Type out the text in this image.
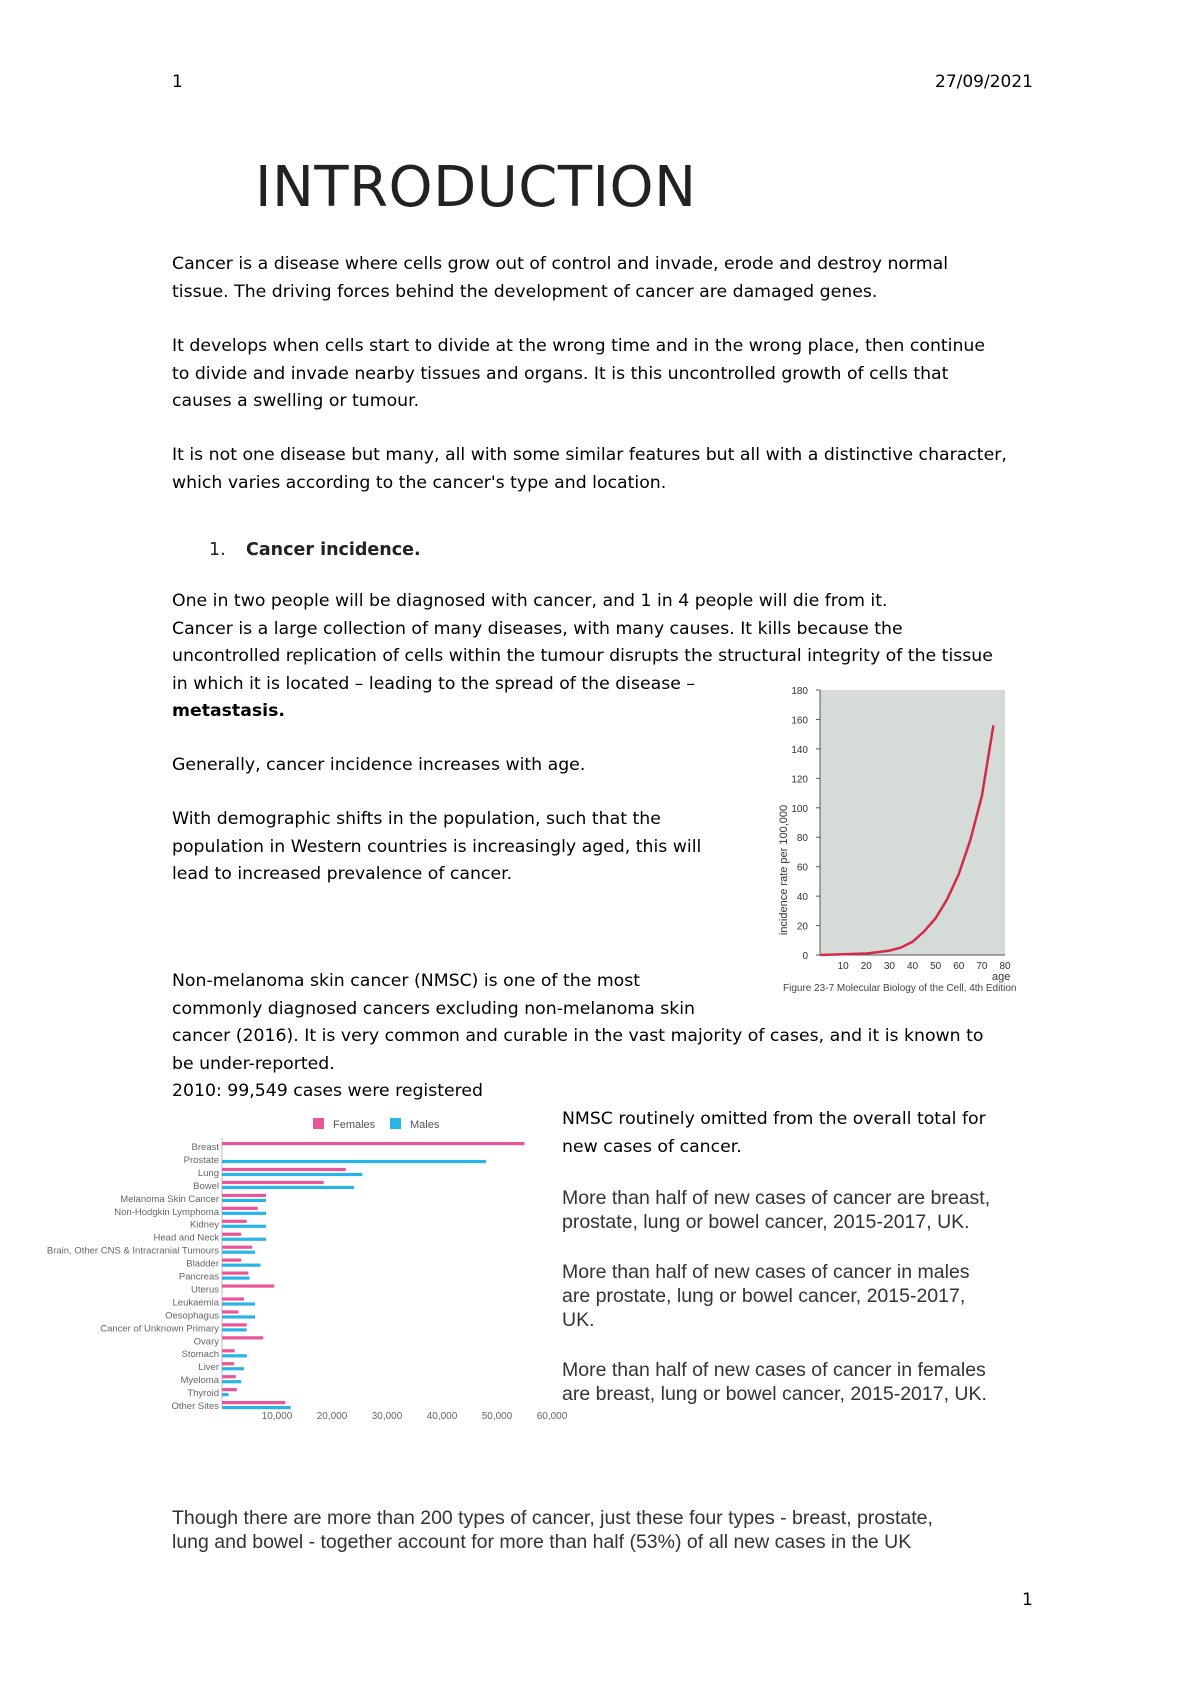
1	27/09/2021
INTRODUCTION
Cancer is a disease where cells grow out of control and invade, erode and destroy normal
tissue. The driving forces behind the development of cancer are damaged genes.
It develops when cells start to divide at the wrong time and in the wrong place, then continue
to divide and invade nearby tissues and organs. It is this uncontrolled growth of cells that
causes a swelling or tumour.
It is not one disease but many, all with some similar features but all with a distinctive character,
which varies according to the cancer's type and location.
1. Cancer incidence.
One in two people will be diagnosed with cancer, and 1 in 4 people will die from it.
Cancer is a large collection of many diseases, with many causes. It kills because the
uncontrolled replication of cells within the tumour disrupts the structural integrity of the tissue
in which it is located – leading to the spread of the disease –
metastasis.
Generally, cancer incidence increases with age.
With demographic shifts in the population, such that the
population in Western countries is increasingly aged, this will
lead to increased prevalence of cancer.
0
20
40
60
80
100
120
140
160
180
10 20 30 40 50 60 70 80
age
incidence rate per 100,000
Figure 23-7 Molecular Biology of the Cell, 4th Edition
Non-melanoma skin cancer (NMSC) is one of the most
commonly diagnosed cancers excluding non-melanoma skin
cancer (2016). It is very common and curable in the vast majority of cases, and it is known to
be under-reported.
2010: 99,549 cases were registered
Females	Males
Breast
Prostate
Lung
Bowel
Melanoma Skin Cancer
Non-Hodgkin Lymphoma
Kidney
Head and Neck
Brain, Other CNS & Intracranial Tumours
Bladder
Pancreas
Uterus
Leukaemia
Oesophagus
Cancer of Unknown Primary
Ovary
Stomach
Liver
Myeloma
Thyroid
Other Sites
10,000 20,000 30,000 40,000 50,000 60,000
NMSC routinely omitted from the overall total for
new cases of cancer.
More than half of new cases of cancer are breast,
prostate, lung or bowel cancer, 2015-2017, UK.
More than half of new cases of cancer in males
are prostate, lung or bowel cancer, 2015-2017,
UK.
More than half of new cases of cancer in females
are breast, lung or bowel cancer, 2015-2017, UK.
Though there are more than 200 types of cancer, just these four types - breast, prostate,
lung and bowel - together account for more than half (53%) of all new cases in the UK
1
